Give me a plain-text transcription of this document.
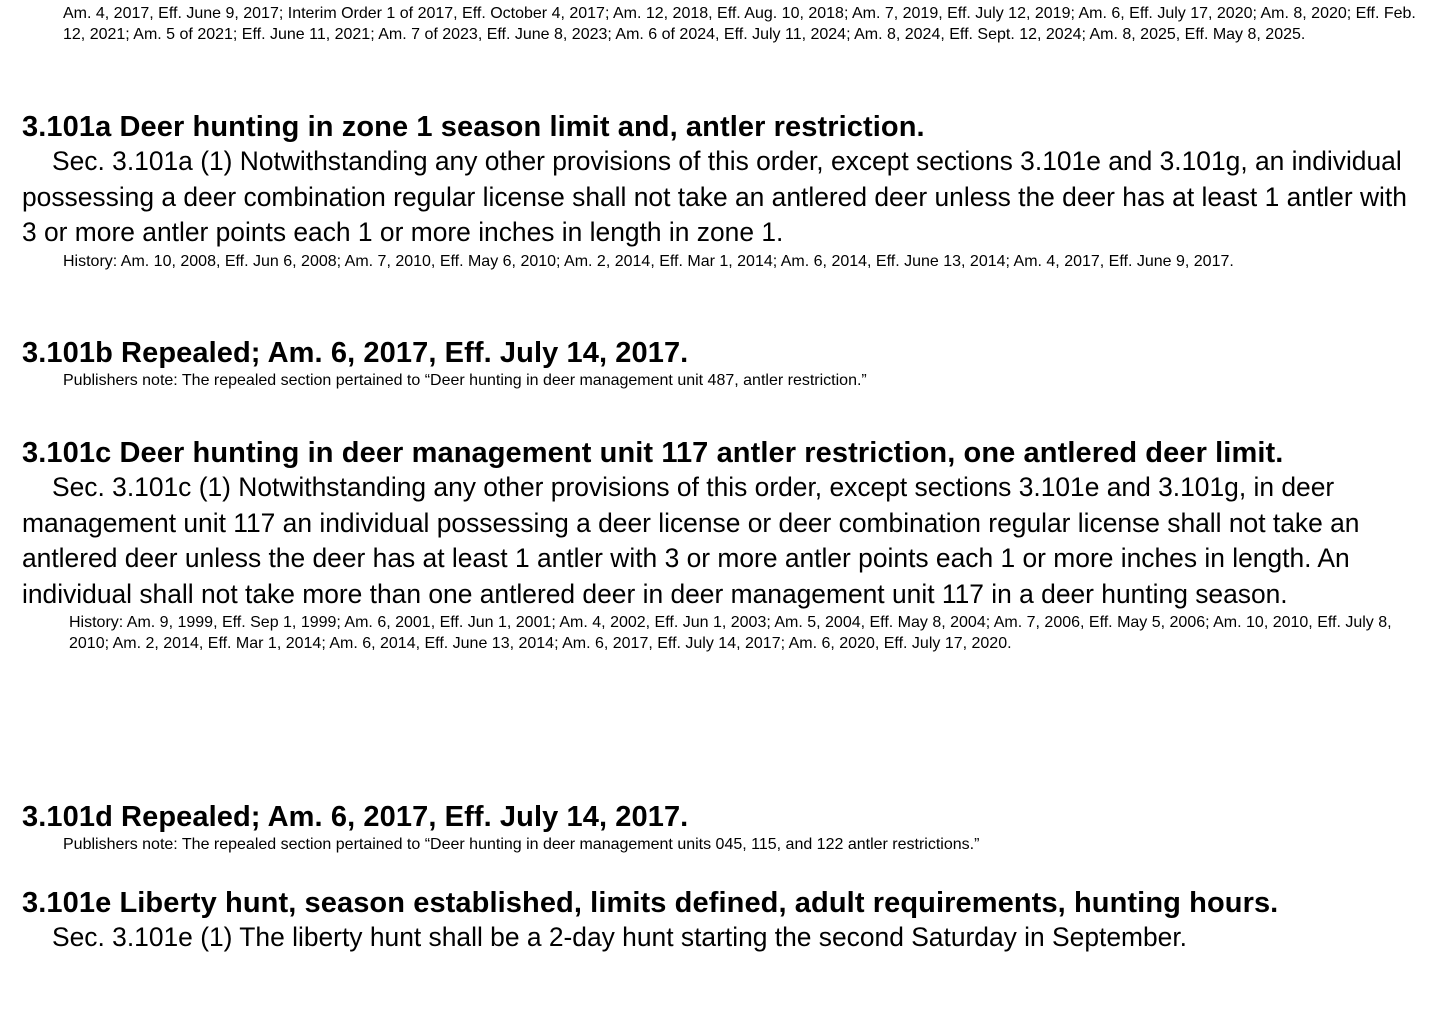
Am. 4, 2017, Eff. June 9, 2017; Interim Order 1 of 2017, Eff. October 4, 2017; Am. 12, 2018, Eff. Aug. 10, 2018; Am. 7, 2019, Eff. July 12, 2019; Am. 6, Eff. July 17, 2020; Am. 8, 2020; Eff. Feb. 12, 2021; Am. 5 of 2021; Eff. June 11, 2021; Am. 7 of 2023, Eff. June 8, 2023; Am. 6 of 2024, Eff. July 11, 2024; Am. 8, 2024, Eff. Sept. 12, 2024; Am. 8, 2025, Eff. May 8, 2025.

3.101a Deer hunting in zone 1 season limit and, antler restriction.

Sec. 3.101a (1) Notwithstanding any other provisions of this order, except sections 3.101e and 3.101g, an individual possessing a deer combination regular license shall not take an antlered deer unless the deer has at least 1 antler with 3 or more antler points each 1 or more inches in length in zone 1.

History: Am. 10, 2008, Eff. Jun 6, 2008; Am. 7, 2010, Eff. May 6, 2010; Am. 2, 2014, Eff. Mar 1, 2014; Am. 6, 2014, Eff. June 13, 2014; Am. 4, 2017, Eff. June 9, 2017.

3.101b Repealed; Am. 6, 2017, Eff. July 14, 2017.

Publishers note: The repealed section pertained to “Deer hunting in deer management unit 487, antler restriction.”

3.101c Deer hunting in deer management unit 117 antler restriction, one antlered deer limit.

Sec. 3.101c (1) Notwithstanding any other provisions of this order, except sections 3.101e and 3.101g, in deer management unit 117 an individual possessing a deer license or deer combination regular license shall not take an antlered deer unless the deer has at least 1 antler with 3 or more antler points each 1 or more inches in length. An individual shall not take more than one antlered deer in deer management unit 117 in a deer hunting season.

History: Am. 9, 1999, Eff. Sep 1, 1999; Am. 6, 2001, Eff. Jun 1, 2001; Am. 4, 2002, Eff. Jun 1, 2003; Am. 5, 2004, Eff. May 8, 2004; Am. 7, 2006, Eff. May 5, 2006; Am. 10, 2010, Eff. July 8, 2010; Am. 2, 2014, Eff. Mar 1, 2014; Am. 6, 2014, Eff. June 13, 2014; Am. 6, 2017, Eff. July 14, 2017; Am. 6, 2020, Eff. July 17, 2020.

3.101d Repealed; Am. 6, 2017, Eff. July 14, 2017.

Publishers note: The repealed section pertained to “Deer hunting in deer management units 045, 115, and 122 antler restrictions.”

3.101e Liberty hunt, season established, limits defined, adult requirements, hunting hours.

Sec. 3.101e (1) The liberty hunt shall be a 2-day hunt starting the second Saturday in September.
